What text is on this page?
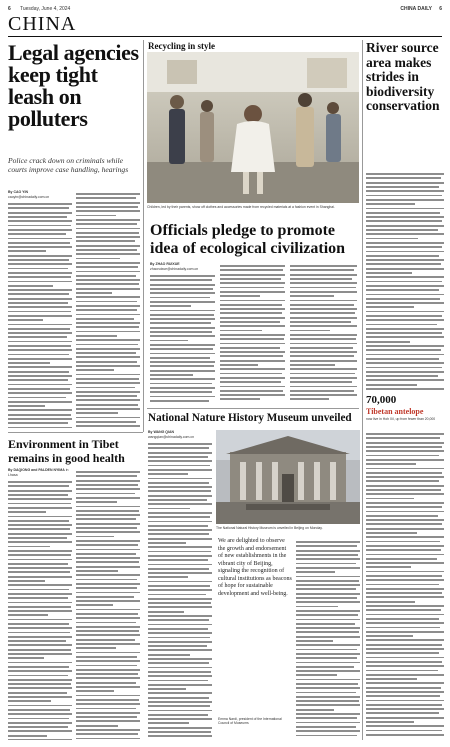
6 Tuesday, June 4, 2024	CHINA DAILY 6
CHINA
Legal agencies keep tight leash on polluters
Police crack down on criminals while courts improve case handling, hearings
By CAO YIN
caoyin@chinadaily.com.cn
Environment in Tibet remains in good health
By DAQIONG and PALDEN NYIMA in Lhasa
Recycling in style
Children, led by their parents, show off clothes and accessories made from recycled materials at a fashion event in Shanghai.
Officials pledge to promote idea of ecological civilization
By ZHAO RUIXUE
zhaoruixue@chinadaily.com.cn
National Nature History Museum unveiled
By WANG QIAN
wangqian@chinadaily.com.cn
The National Natural History Museum is unveiled in Beijing on Monday.
We are delighted to observe the growth and endorsement of new establishments in the vibrant city of Beijing, signaling the recognition of cultural institutions as beacons of hope for sustainable development and well-being.
Emma Nardi, president of the International Council of Museums
River source area makes strides in biodiversity conservation
70,000
Tibetan antelope
now live in Hoh Xil, up from fewer than 20,000
